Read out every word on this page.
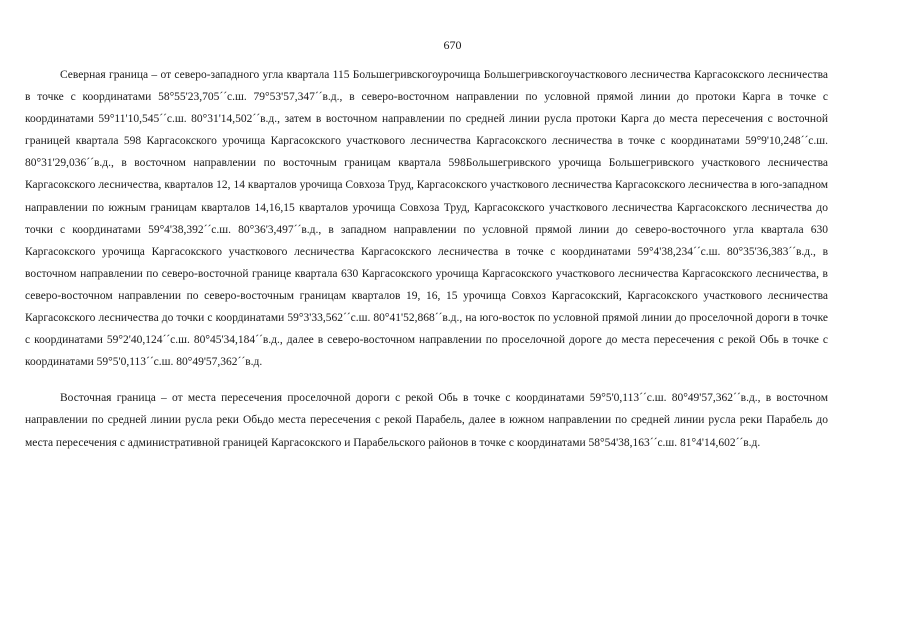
670

Северная граница – от северо-западного угла квартала 115 Большегривскогоурочища Большегривскогоучасткового лесничества Каргасокского лесничества в точке с координатами 58°55'23,705´´с.ш. 79°53'57,347´´в.д., в северо-восточном направлении по условной прямой линии до протоки Карга в точке с координатами 59°11'10,545´´с.ш. 80°31'14,502´´в.д., затем в восточном направлении по средней линии русла протоки Карга до места пересечения с восточной границей квартала 598 Каргасокского урочища Каргасокского участкового лесничества Каргасокского лесничества в точке с координатами 59°9'10,248´´с.ш. 80°31'29,036´´в.д., в восточном направлении по восточным границам квартала 598Большегривского урочища Большегривского участкового лесничества Каргасокского лесничества, кварталов 12, 14 кварталов урочища Совхоза Труд, Каргасокского участкового лесничества Каргасокского лесничества в юго-западном направлении по южным границам кварталов 14,16,15 кварталов урочища Совхоза Труд, Каргасокского участкового лесничества Каргасокского лесничества до точки с координатами 59°4'38,392´´с.ш. 80°36'3,497´´в.д., в западном направлении по условной прямой линии до северо-восточного угла квартала 630 Каргасокского урочища Каргасокского участкового лесничества Каргасокского лесничества в точке с координатами 59°4'38,234´´с.ш. 80°35'36,383´´в.д., в восточном направлении по северо-восточной границе квартала 630 Каргасокского урочища Каргасокского участкового лесничества Каргасокского лесничества, в северо-восточном направлении по северо-восточным границам кварталов 19, 16, 15 урочища Совхоз Каргасокский, Каргасокского участкового лесничества Каргасокского лесничества до точки с координатами 59°3'33,562´´с.ш. 80°41'52,868´´в.д., на юго-восток по условной прямой линии до проселочной дороги в точке с координатами 59°2'40,124´´с.ш. 80°45'34,184´´в.д., далее в северо-восточном направлении по проселочной дороге до места пересечения с рекой Обь в точке с координатами 59°5'0,113´´с.ш. 80°49'57,362´´в.д.

Восточная граница – от места пересечения проселочной дороги с рекой Обь в точке с координатами 59°5'0,113´´с.ш. 80°49'57,362´´в.д., в восточном направлении по средней линии русла реки Обьдо места пересечения с рекой Парабель, далее в южном направлении по средней линии русла реки Парабель до места пересечения с административной границей Каргасокского и Парабельского районов в точке с координатами 58°54'38,163´´с.ш. 81°4'14,602´´в.д.
